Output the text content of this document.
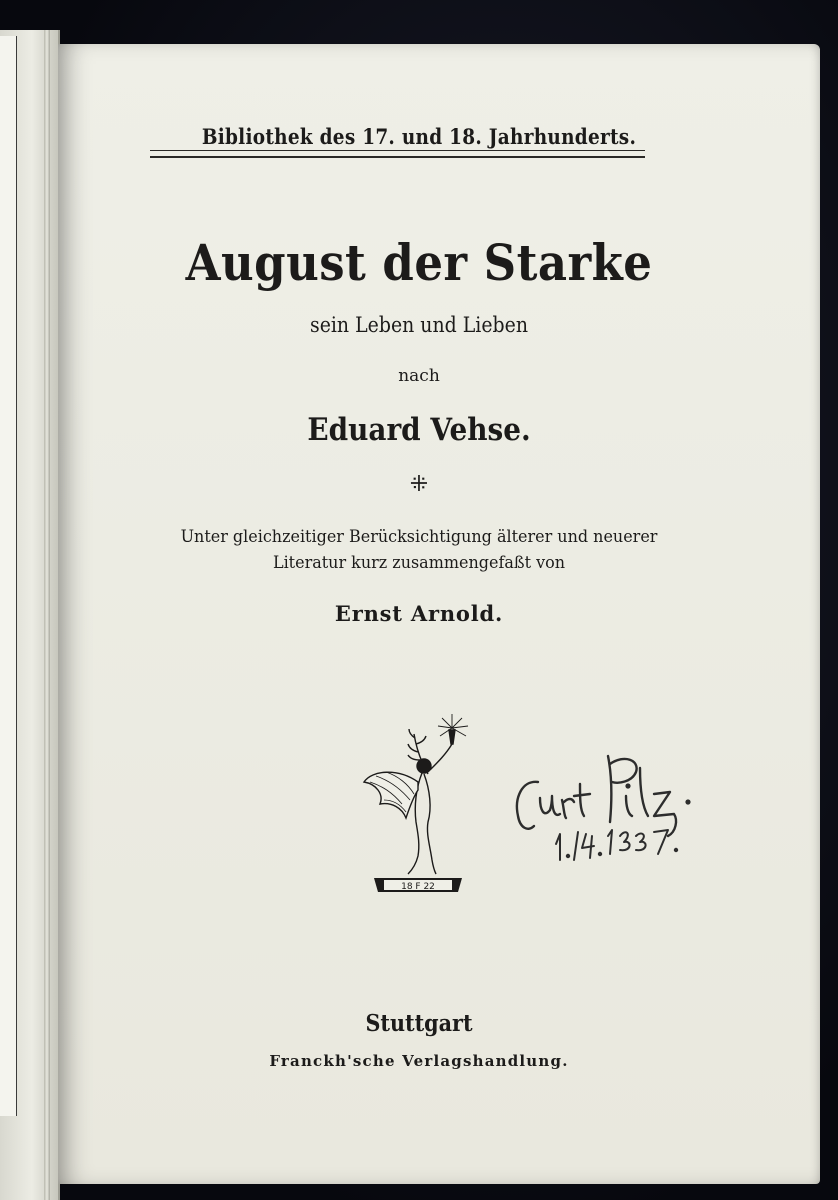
Bibliothek des 17. und 18. Jahrhunderts.
August der Starke
sein Leben und Lieben
nach
Eduard Vehse.
⁜
Unter gleichzeitiger Berücksichtigung älterer und neuerer
Literatur kurz zusammengefaßt von
Ernst Arnold.
18 F 22
Stuttgart
Franckh'sche Verlagshandlung.
